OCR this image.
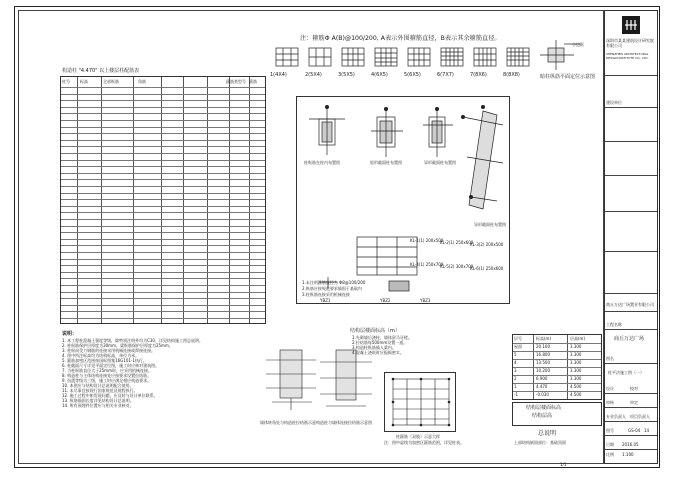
注：箍筋Φ A(B)@100/200, A表示外围箍筋直径，B表示其余箍筋直径。
1(4X4)	2(5X4)	3(5X5)	4(6X5)	5(6X5)	6(7X7)	7(8X6)	8(8X8)
小边框
暗柱纵筋平面定位示意图
构造柱 "4.470" 以上楼层柱配筋表
柱号	标高	全部纵筋	角筋	箍筋类型号 箍筋
柱纵筋在柱内布置图	矩形截面柱布置图	异形截面柱布置图
异形截面柱布置图
1.未注明箍筋直径为 Φ8@100/200
2.纵筋应按规范要求锚固于基础内
3.柱纵筋连接采用机械连接
KL-1(1) 200x500
KL-2(1) 250x600
KL-3(2) 200x500
KL-4(1) 250x700
KL-5(2) 300x700
KL-6(1) 250x600
YBZ1	YBZ2	YBZ3
说明：
1. 本工程柱混凝土强度等级，除特别注明外均为C30，详见结构施工图总说明。
2. 柱纵筋保护层厚度为30mm，梁纵筋保护层厚度为25mm。
3. 柱纵向受力钢筋的连接采用机械连接或焊接连接。
4. 图中所注标高均为结构标高，单位为米。
5. 箍筋加密区范围按国标图集16G101-1执行。
6. 柱截面尺寸详见平面定位图，施工时应核对建筑图。
7. 当柱纵筋直径大于25mm时，应采用机械连接。
8. 构造柱与主体结构连接处应按要求设置拉结筋。
9. 抗震等级为三级，施工时应满足相应构造要求。
10. 本图应与结构设计总说明配合使用。
11. 未尽事宜按现行国家规范及规程执行。
12. 施工过程中如发现问题，应及时与设计单位联系。
13. 纵筋锚固长度详见结构设计总说明。
14. 所有预埋件位置应与相关专业核对。
墙体转角处与构造柱拉结筋示意 构造柱与墙体连接拉结筋示意图
结构层楼面标高（m）
1.先砌墙后浇柱，墙体留马牙槎。
2.拉结筋每500mm设置一道。
3.构造柱纵筋锚入梁内。
4.混凝土浇筑时应振捣密实。
柱箍筋（双肢）示意大样
注：图中虚线为加密区箍筋范围，详见柱表。
层号	标高(m)	层高(m)
屋面	20.100	3.300
5	16.800	3.300
4	13.500	3.300
3	10.200	3.300
2	6.900	3.300
1	4.470	4.500
-1	-0.030	4.500
结构层楼面标高
结构层高
总说明
上部结构嵌固部位：基础顶面
深圳市某某建筑设计研究院有限公司
SHENZHEN ARCHITECTURAL DESIGN INSTITUTE CO., LTD.
建设单位
商丘万达广场置业有限公司
工程名称
商丘万达广场
图名
柱平法施工图（一）
设计	校对
审核	审定
专业负责人 项目负责人
图号	GS-04 14
日期 2016.05
比例 1:100
1/1
